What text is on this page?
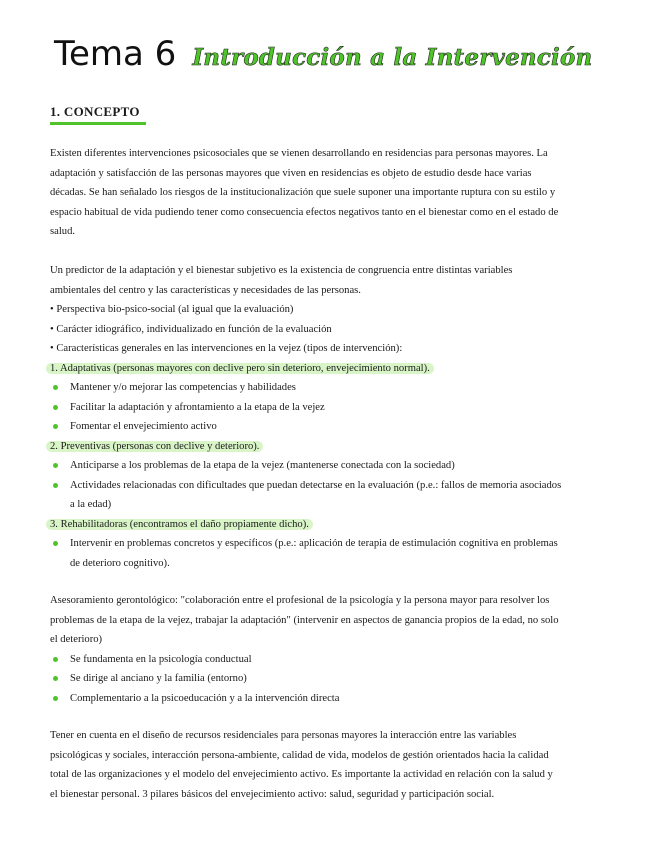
Tema 6 Introducción a la Intervención
1. CONCEPTO
Existen diferentes intervenciones psicosociales que se vienen desarrollando en residencias para personas mayores. La
adaptación y satisfacción de las personas mayores que viven en residencias es objeto de estudio desde hace varias
décadas. Se han señalado los riesgos de la institucionalización que suele suponer una importante ruptura con su estilo y
espacio habitual de vida pudiendo tener como consecuencia efectos negativos tanto en el bienestar como en el estado de
salud.
Un predictor de la adaptación y el bienestar subjetivo es la existencia de congruencia entre distintas variables
ambientales del centro y las características y necesidades de las personas.
• Perspectiva bio-psico-social (al igual que la evaluación)
• Carácter idiográfico, individualizado en función de la evaluación
• Características generales en las intervenciones en la vejez (tipos de intervención):
1. Adaptativas (personas mayores con declive pero sin deterioro, envejecimiento normal).
Mantener y/o mejorar las competencias y habilidades
Facilitar la adaptación y afrontamiento a la etapa de la vejez
Fomentar el envejecimiento activo
2. Preventivas (personas con declive y deterioro).
Anticiparse a los problemas de la etapa de la vejez (mantenerse conectada con la sociedad)
Actividades relacionadas con dificultades que puedan detectarse en la evaluación (p.e.: fallos de memoria asociados
a la edad)
3. Rehabilitadoras (encontramos el daño propiamente dicho).
Intervenir en problemas concretos y específicos (p.e.: aplicación de terapia de estimulación cognitiva en problemas
de deterioro cognitivo).
Asesoramiento gerontológico: "colaboración entre el profesional de la psicología y la persona mayor para resolver los
problemas de la etapa de la vejez, trabajar la adaptación" (intervenir en aspectos de ganancia propios de la edad, no solo
el deterioro)
Se fundamenta en la psicología conductual
Se dirige al anciano y la familia (entorno)
Complementario a la psicoeducación y a la intervención directa
Tener en cuenta en el diseño de recursos residenciales para personas mayores la interacción entre las variables
psicológicas y sociales, interacción persona-ambiente, calidad de vida, modelos de gestión orientados hacia la calidad
total de las organizaciones y el modelo del envejecimiento activo. Es importante la actividad en relación con la salud y
el bienestar personal. 3 pilares básicos del envejecimiento activo: salud, seguridad y participación social.
